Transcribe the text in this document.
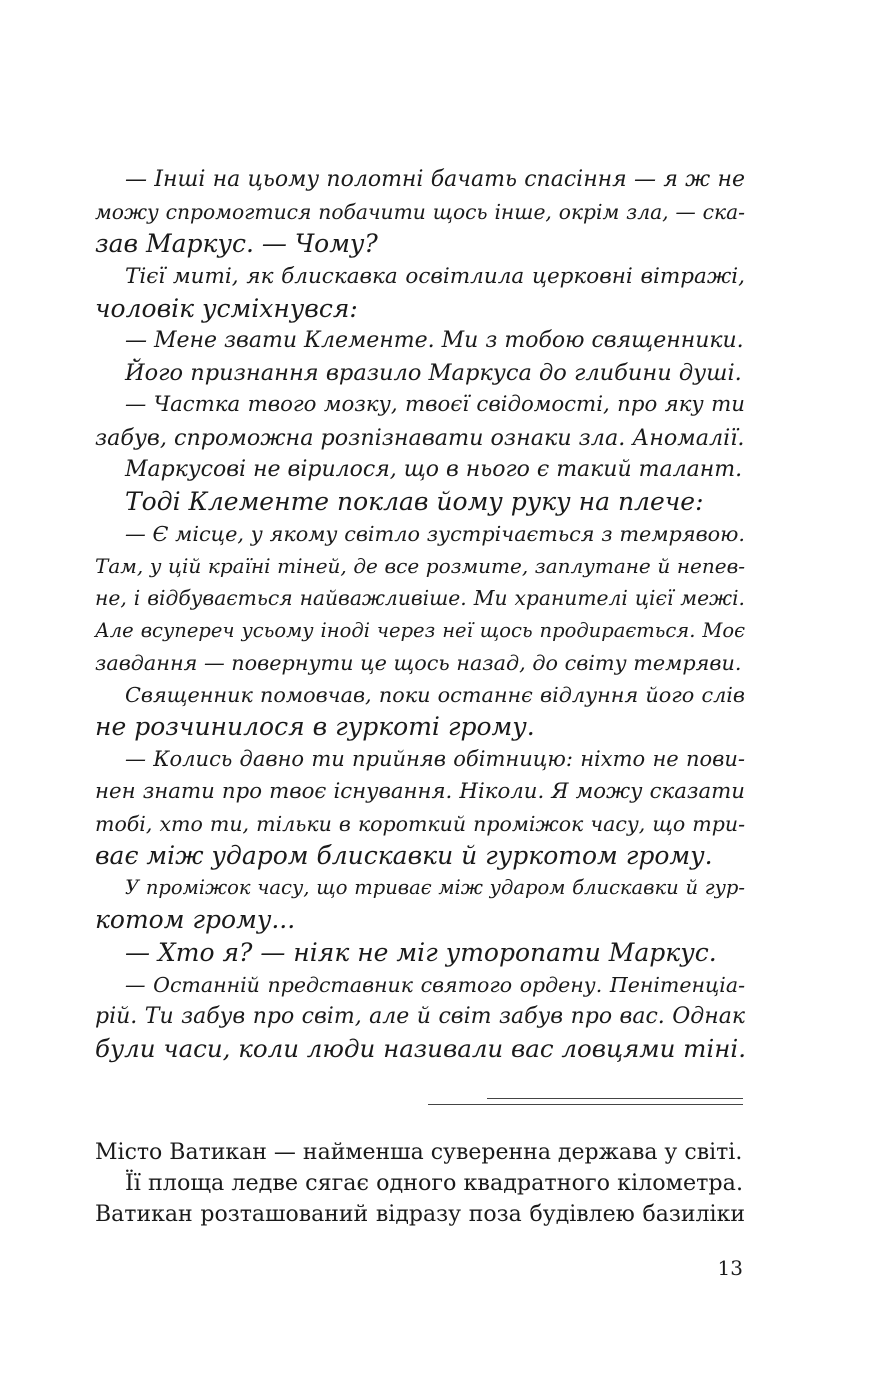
— Інші на цьому полотні бачать спасіння — я ж не
можу спромогтися побачити щось інше, окрім зла, — ска-
зав Маркус. — Чому?
Тієї миті, як блискавка освітлила церковні вітражі,
чоловік усміхнувся:
— Мене звати Клементе. Ми з тобою священники.
Його признання вразило Маркуса до глибини душі.
— Частка твого мозку, твоєї свідомості, про яку ти
забув, спроможна розпізнавати ознаки зла. Аномалії.
Маркусові не вірилося, що в нього є такий талант.
Тоді Клементе поклав йому руку на плече:
— Є місце, у якому світло зустрічається з темрявою.
Там, у цій країні тіней, де все розмите, заплутане й непев-
не, і відбувається найважливіше. Ми хранителі цієї межі.
Але всупереч усьому іноді через неї щось продирається. Моє
завдання — повернути це щось назад, до світу темряви.
Священник помовчав, поки останнє відлуння його слів
не розчинилося в гуркоті грому.
— Колись давно ти прийняв обітницю: ніхто не пови-
нен знати про твоє існування. Ніколи. Я можу сказати
тобі, хто ти, тільки в короткий проміжок часу, що три-
ває між ударом блискавки й гуркотом грому.
У проміжок часу, що триває між ударом блискавки й гур-
котом грому...
— Хто я? — ніяк не міг уторопати Маркус.
— Останній представник святого ордену. Пенітенціа-
рій. Ти забув про світ, але й світ забув про вас. Однак
були часи, коли люди називали вас ловцями тіні.
Місто Ватикан — найменша суверенна держава у світі.
Її площа ледве сягає одного квадратного кілометра.
Ватикан розташований відразу поза будівлею базиліки
13
